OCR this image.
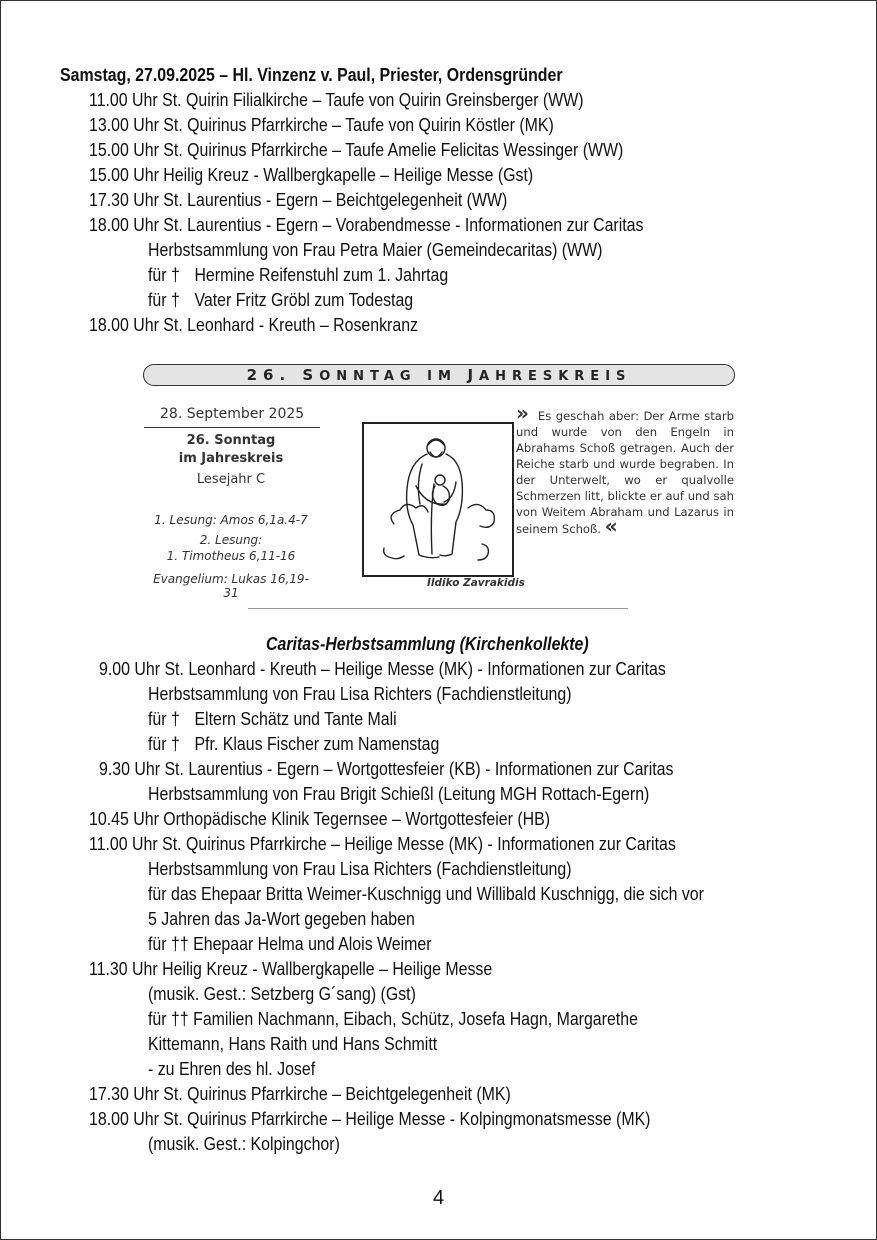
Samstag, 27.09.2025 – Hl. Vinzenz v. Paul, Priester, Ordensgründer
11.00 Uhr St. Quirin Filialkirche – Taufe von Quirin Greinsberger (WW)
13.00 Uhr St. Quirinus Pfarrkirche – Taufe von Quirin Köstler (MK)
15.00 Uhr St. Quirinus Pfarrkirche – Taufe Amelie Felicitas Wessinger (WW)
15.00 Uhr Heilig Kreuz - Wallbergkapelle – Heilige Messe (Gst)
17.30 Uhr St. Laurentius - Egern – Beichtgelegenheit (WW)
18.00 Uhr St. Laurentius - Egern – Vorabendmesse - Informationen zur Caritas
Herbstsammlung von Frau Petra Maier (Gemeindecaritas) (WW)
für † Hermine Reifenstuhl zum 1. Jahrtag
für † Vater Fritz Gröbl zum Todestag
18.00 Uhr St. Leonhard - Kreuth – Rosenkranz
26. SONNTAG IM JAHRESKREIS
28. September 2025
26. Sonntag
im Jahreskreis
Lesejahr C
1. Lesung: Amos 6,1a.4-7
2. Lesung:
1. Timotheus 6,11-16
Evangelium: Lukas 16,19-31
Ildiko Zavrakidis

» Es geschah aber: Der Arme starb und wurde von den Engeln in Abrahams Schoß getragen. Auch der Reiche starb und wurde begraben. In der Unterwelt, wo er qualvolle Schmerzen litt, blickte er auf und sah von Weitem Abraham und Lazarus in seinem Schoß. «

Caritas-Herbstsammlung (Kirchenkollekte)
9.00 Uhr St. Leonhard - Kreuth – Heilige Messe (MK) - Informationen zur Caritas
Herbstsammlung von Frau Lisa Richters (Fachdienstleitung)
für † Eltern Schätz und Tante Mali
für † Pfr. Klaus Fischer zum Namenstag
9.30 Uhr St. Laurentius - Egern – Wortgottesfeier (KB) - Informationen zur Caritas
Herbstsammlung von Frau Brigit Schießl (Leitung MGH Rottach-Egern)
10.45 Uhr Orthopädische Klinik Tegernsee – Wortgottesfeier (HB)
11.00 Uhr St. Quirinus Pfarrkirche – Heilige Messe (MK) - Informationen zur Caritas
Herbstsammlung von Frau Lisa Richters (Fachdienstleitung)
für das Ehepaar Britta Weimer-Kuschnigg und Willibald Kuschnigg, die sich vor
5 Jahren das Ja-Wort gegeben haben
für †† Ehepaar Helma und Alois Weimer
11.30 Uhr Heilig Kreuz - Wallbergkapelle – Heilige Messe
(musik. Gest.: Setzberg G´sang) (Gst)
für †† Familien Nachmann, Eibach, Schütz, Josefa Hagn, Margarethe
Kittemann, Hans Raith und Hans Schmitt
- zu Ehren des hl. Josef
17.30 Uhr St. Quirinus Pfarrkirche – Beichtgelegenheit (MK)
18.00 Uhr St. Quirinus Pfarrkirche – Heilige Messe - Kolpingmonatsmesse (MK)
(musik. Gest.: Kolpingchor)
4
